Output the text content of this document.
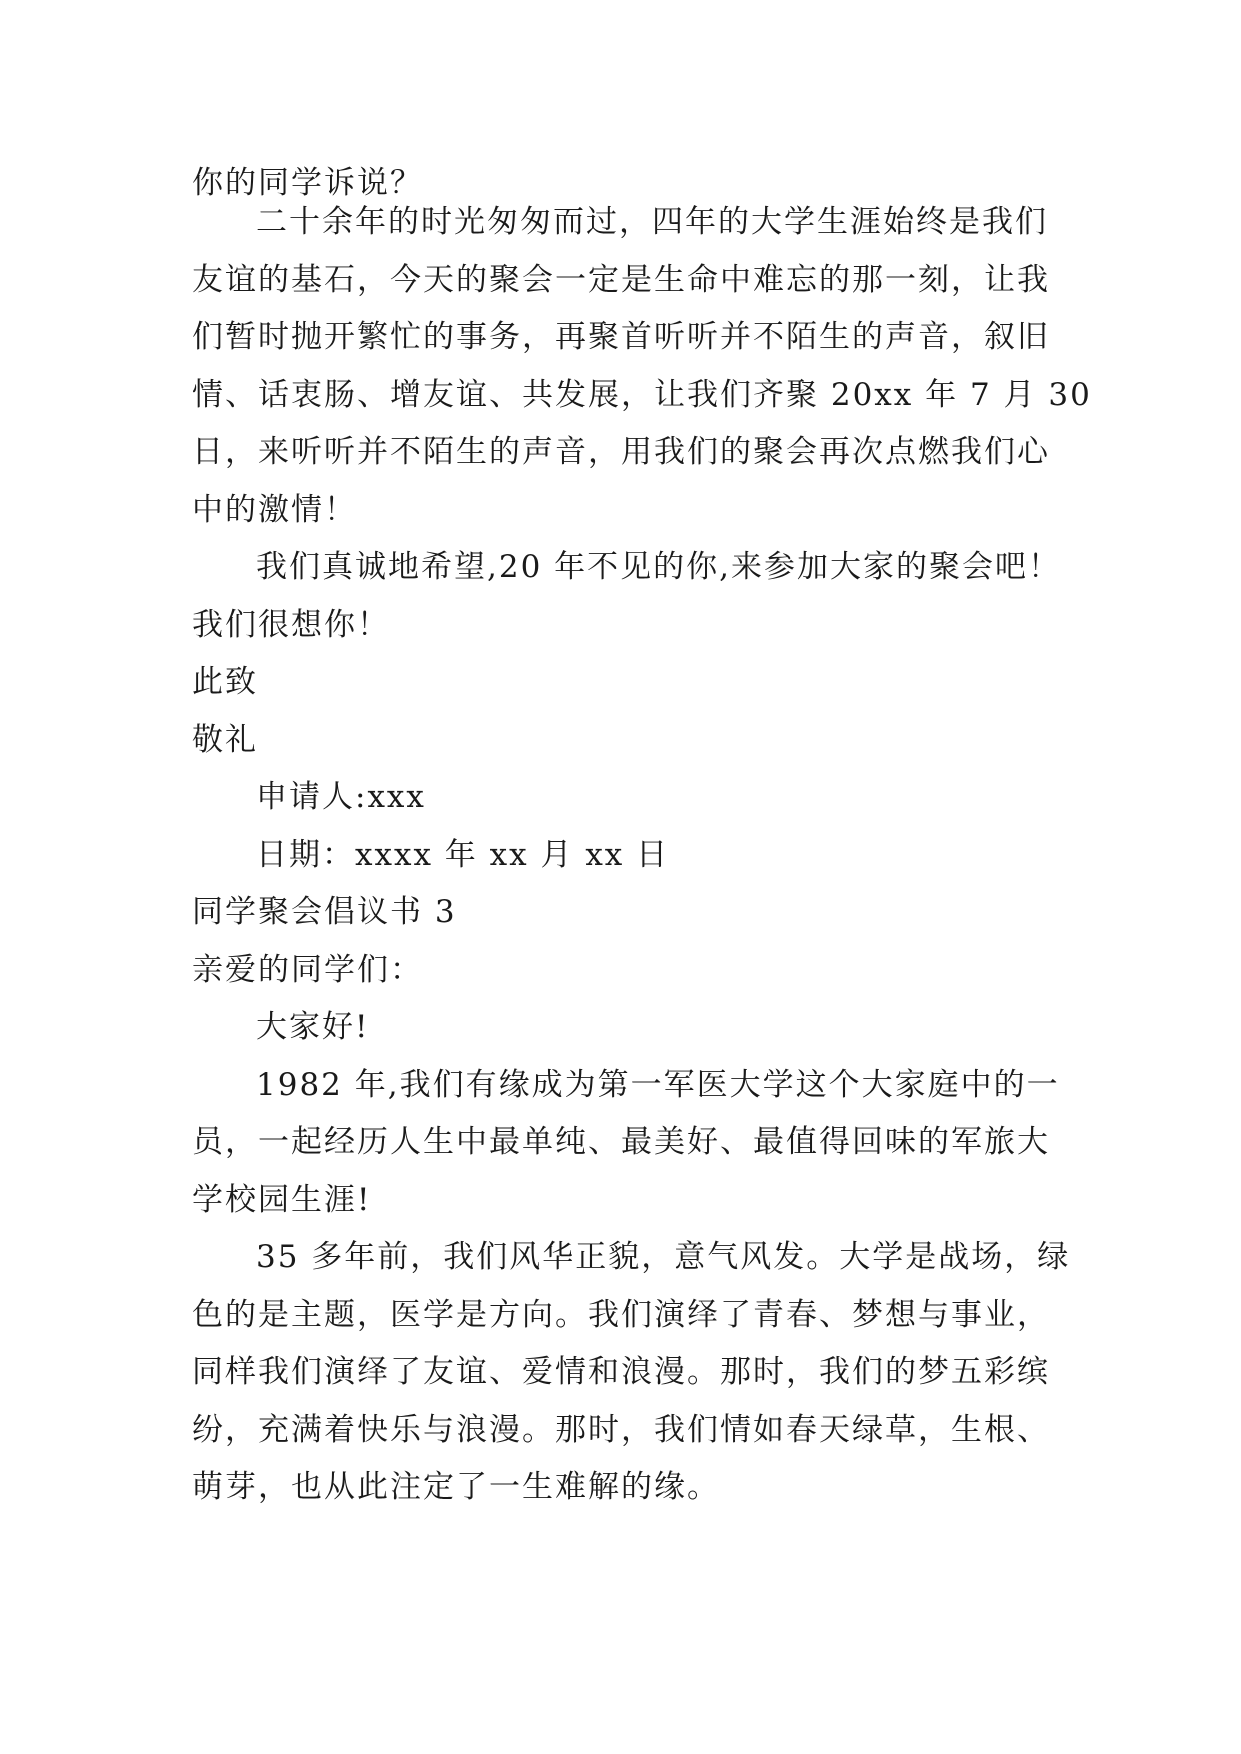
你的同学诉说？
二十余年的时光匆匆而过，四年的大学生涯始终是我们
友谊的基石，今天的聚会一定是生命中难忘的那一刻，让我
们暂时抛开繁忙的事务，再聚首听听并不陌生的声音，叙旧
情、话衷肠、增友谊、共发展，让我们齐聚 20xx 年 7 月 30
日，来听听并不陌生的声音，用我们的聚会再次点燃我们心
中的激情！
我们真诚地希望,20 年不见的你,来参加大家的聚会吧！
我们很想你！
此致
敬礼
申请人:xxx
日期：xxxx 年 xx 月 xx 日
同学聚会倡议书 3
亲爱的同学们：
大家好!
1982 年,我们有缘成为第一军医大学这个大家庭中的一
员，一起经历人生中最单纯、最美好、最值得回味的军旅大
学校园生涯!
35 多年前，我们风华正貌，意气风发。大学是战场，绿
色的是主题，医学是方向。我们演绎了青春、梦想与事业，
同样我们演绎了友谊、爱情和浪漫。那时，我们的梦五彩缤
纷，充满着快乐与浪漫。那时，我们情如春天绿草，生根、
萌芽，也从此注定了一生难解的缘。
